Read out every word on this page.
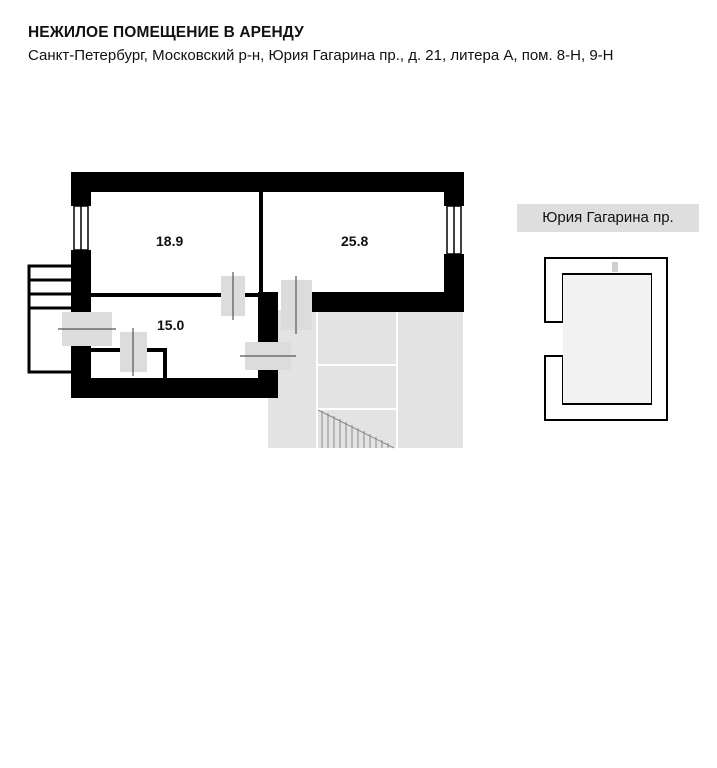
НЕЖИЛОЕ ПОМЕЩЕНИЕ В АРЕНДУ
Санкт-Петербург, Московский р-н, Юрия Гагарина пр., д. 21, литера А, пом. 8-Н, 9-Н
18.9	25.8
15.0
Юрия Гагарина пр.
